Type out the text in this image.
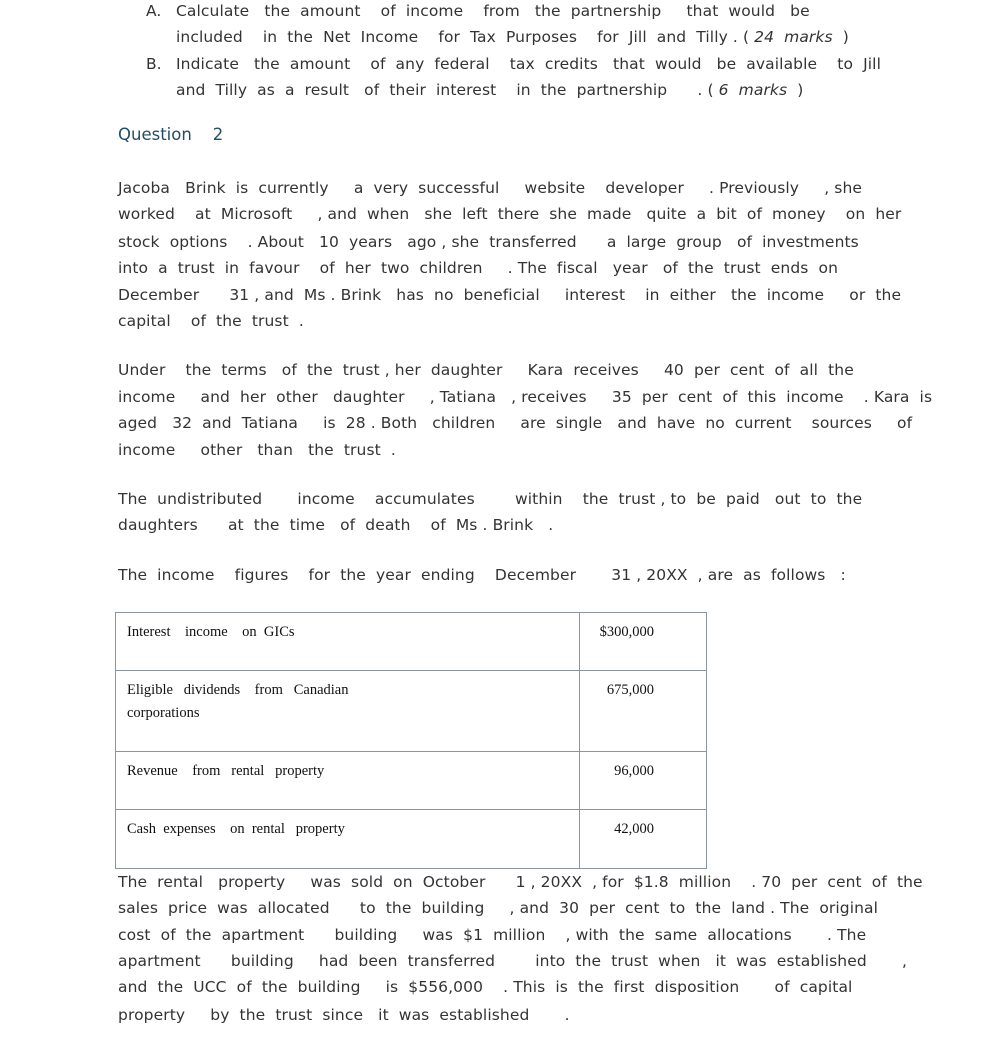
A. Calculate   the  amount    of  income    from   the  partnership     that  would   be
included    in  the  Net  Income    for  Tax  Purposes    for  Jill  and  Tilly . ( 24  marks )
B. Indicate   the  amount    of  any  federal    tax  credits   that  would   be  available    to  Jill
and  Tilly  as  a  result   of  their  interest    in  the  partnership      . ( 6  marks )
Question    2
Jacoba   Brink  is  currently     a  very  successful     website    developer     . Previously     , she
worked    at  Microsoft     , and  when   she  left  there  she  made   quite  a  bit  of  money    on  her
stock  options    . About   10  years   ago , she  transferred      a  large  group   of  investments
into  a  trust  in  favour    of  her  two  children     . The  fiscal   year   of  the  trust  ends  on
December      31 , and  Ms . Brink   has  no  beneficial     interest    in  either   the  income     or  the
capital    of  the  trust  .
Under    the  terms   of  the  trust , her  daughter     Kara  receives     40  per  cent  of  all  the
income     and  her  other   daughter     , Tatiana   , receives     35  per  cent  of  this  income    . Kara  is
aged   32  and  Tatiana     is  28 . Both   children     are  single   and  have  no  current    sources     of
income     other   than   the  trust  .
The  undistributed       income    accumulates        within    the  trust , to  be  paid   out  to  the
daughters      at  the  time   of  death    of  Ms . Brink   .
The  income    figures    for  the  year  ending    December       31 , 20XX  , are  as  follows   :
Interest    income    on  GICs	$300,000
Eligible   dividends    from   Canadian
corporations	675,000
Revenue    from   rental   property	96,000
Cash  expenses    on  rental   property	42,000
The  rental   property     was  sold  on  October      1 , 20XX  , for  $1.8  million    . 70  per  cent  of  the
sales  price  was  allocated      to  the  building     , and  30  per  cent  to  the  land . The  original
cost  of  the  apartment      building     was  $1  million    , with  the  same  allocations       . The
apartment      building     had  been  transferred        into  the  trust  when   it  was  established       ,
and  the  UCC  of  the  building     is  $556,000    . This  is  the  first  disposition       of  capital
property     by  the  trust  since   it  was  established       .
